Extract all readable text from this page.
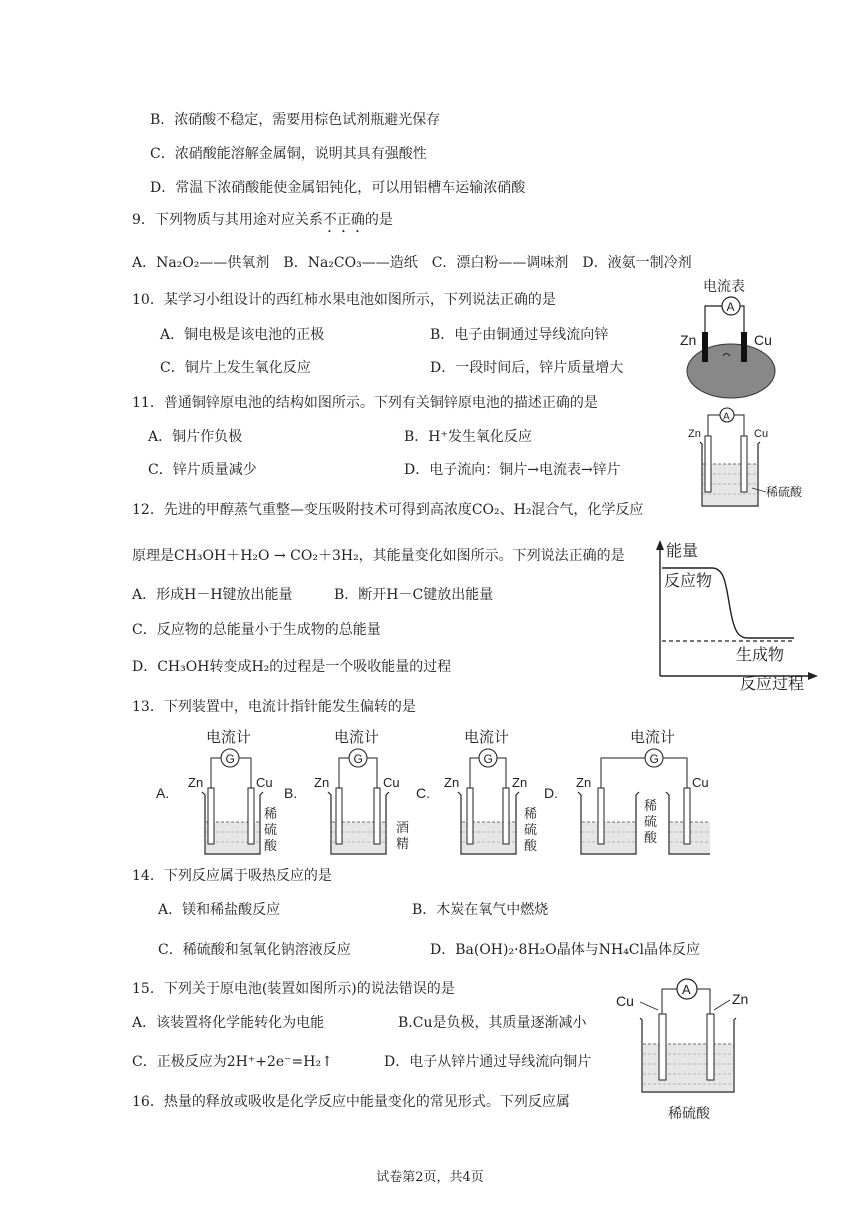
B．浓硝酸不稳定，需要用棕色试剂瓶避光保存
C．浓硝酸能溶解金属铜，说明其具有强酸性
D．常温下浓硝酸能使金属铝钝化，可以用铝槽车运输浓硝酸
9．下列物质与其用途对应关系不正确的是
A．Na₂O₂——供氧剂　B．Na₂CO₃——造纸　C．漂白粉——调味剂　D．液氨一制冷剂
10．某学习小组设计的西红柿水果电池如图所示，下列说法正确的是
A．铜电极是该电池的正极	B．电子由铜通过导线流向锌
C．铜片上发生氧化反应	D．一段时间后，锌片质量增大
电流表
A
Zn	Cu
11．普通铜锌原电池的结构如图所示。下列有关铜锌原电池的描述正确的是
A．铜片作负极	B．H⁺发生氧化反应
C．锌片质量减少	D．电子流向：铜片→电流表→锌片
A
Zn	Cu
稀硫酸
12．先进的甲醇蒸气重整—变压吸附技术可得到高浓度CO₂、H₂混合气，化学反应
原理是CH₃OH＋H₂O → CO₂＋3H₂，其能量变化如图所示。下列说法正确的是
A．形成H－H键放出能量	B．断开H－C键放出能量
C．反应物的总能量小于生成物的总能量
D．CH₃OH转变成H₂的过程是一个吸收能量的过程
能量
反应过程
反应物
生成物
13．下列装置中，电流计指针能发生偏转的是
A.
电流计
G
Zn	Cu
稀
硫
酸
B.
电流计
G
Zn	Cu
酒
精
C.
电流计
G
Zn	Zn
稀
硫
酸
D.
电流计
G
Zn	Cu
稀
硫
酸
14．下列反应属于吸热反应的是
A．镁和稀盐酸反应	B．木炭在氧气中燃烧
C．稀硫酸和氢氧化钠溶液反应	D．Ba(OH)₂·8H₂O晶体与NH₄Cl晶体反应
15．下列关于原电池(装置如图所示)的说法错误的是
A．该装置将化学能转化为电能	B.Cu是负极，其质量逐渐减小
C．正极反应为2H⁺+2e⁻=H₂↑	D．电子从锌片通过导线流向铜片
A
Cu	Zn
稀硫酸
16．热量的释放或吸收是化学反应中能量变化的常见形式。下列反应属
试卷第2页，共4页
